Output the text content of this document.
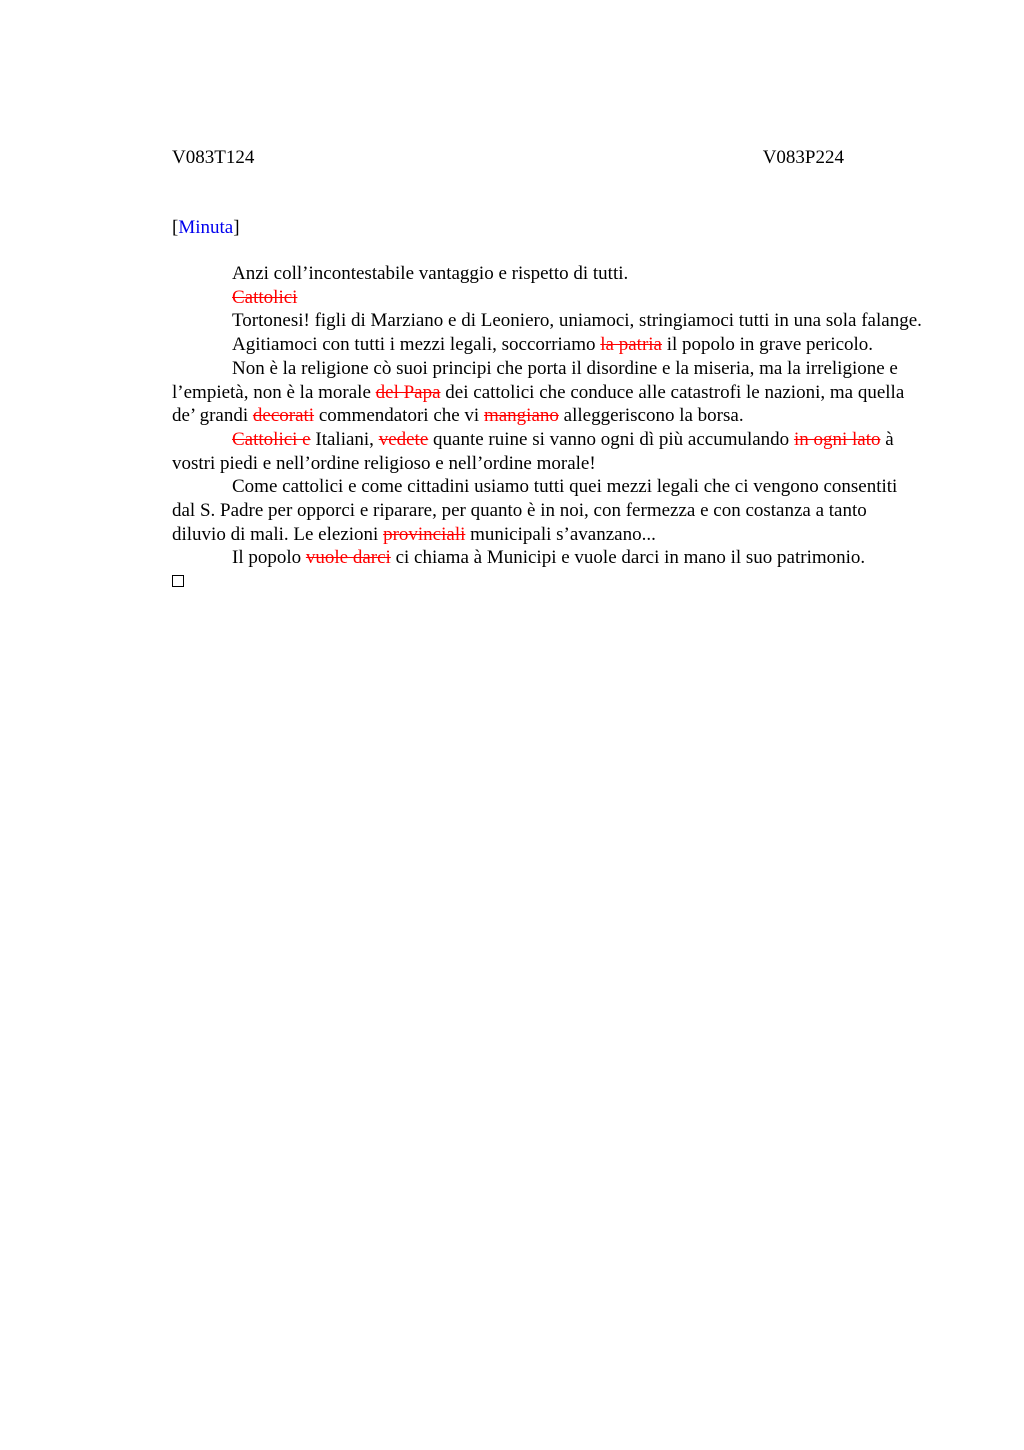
V083T124	V083P224
[Minuta]

Anzi coll’incontestabile vantaggio e rispetto di tutti.

Cattolici

Tortonesi! figli di Marziano e di Leoniero, uniamoci, stringiamoci tutti in una sola falange.

Agitiamoci con tutti i mezzi legali, soccorriamo la patria il popolo in grave pericolo.

Non è la religione cò suoi principi che porta il disordine e la miseria, ma la irreligione e l’empietà, non è la morale del Papa dei cattolici che conduce alle catastrofi le nazioni, ma quella de’ grandi decorati commendatori che vi mangiano alleggeriscono la borsa.

Cattolici e Italiani, vedete quante ruine si vanno ogni dì più accumulando in ogni lato à vostri piedi e nell’ordine religioso e nell’ordine morale!

Come cattolici e come cittadini usiamo tutti quei mezzi legali che ci vengono consentiti dal S. Padre per opporci e riparare, per quanto è in noi, con fermezza e con costanza a tanto diluvio di mali. Le elezioni provinciali municipali s’avanzano...

Il popolo vuole darci ci chiama à Municipi e vuole darci in mano il suo patrimonio.
